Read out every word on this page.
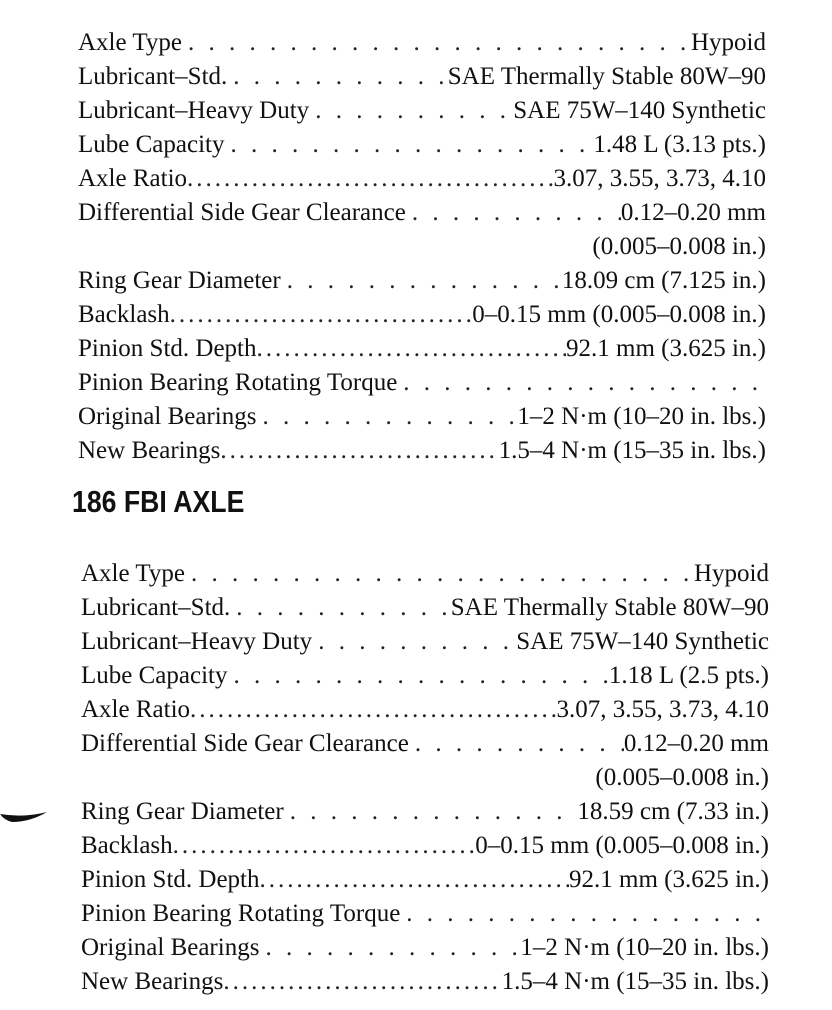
Axle Type . . .	Hypoid
Lubricant–Std. . . .	SAE Thermally Stable 80W–90
Lubricant–Heavy Duty . . .	SAE 75W–140 Synthetic
Lube Capacity . . .	1.48 L (3.13 pts.)
Axle Ratio .....	3.07, 3.55, 3.73, 4.10
Differential Side Gear Clearance . . .	0.12–0.20 mm
(0.005–0.008 in.)
Ring Gear Diameter . . .	18.09 cm (7.125 in.)
Backlash .....	0–0.15 mm (0.005–0.008 in.)
Pinion Std. Depth .....	92.1 mm (3.625 in.)
Pinion Bearing Rotating Torque
. . .
Original Bearings . . .	1–2 N·m (10–20 in. lbs.)
New Bearings .....	1.5–4 N·m (15–35 in. lbs.)
186 FBI AXLE
Axle Type . . .	Hypoid
Lubricant–Std. . . .	SAE Thermally Stable 80W–90
Lubricant–Heavy Duty . . .	SAE 75W–140 Synthetic
Lube Capacity . . .	1.18 L (2.5 pts.)
Axle Ratio .....	3.07, 3.55, 3.73, 4.10
Differential Side Gear Clearance . . .	0.12–0.20 mm
(0.005–0.008 in.)
Ring Gear Diameter . . .	18.59 cm (7.33 in.)
Backlash .....	0–0.15 mm (0.005–0.008 in.)
Pinion Std. Depth .....	92.1 mm (3.625 in.)
Pinion Bearing Rotating Torque
. . .
Original Bearings . . .	1–2 N·m (10–20 in. lbs.)
New Bearings .....	1.5–4 N·m (15–35 in. lbs.)
